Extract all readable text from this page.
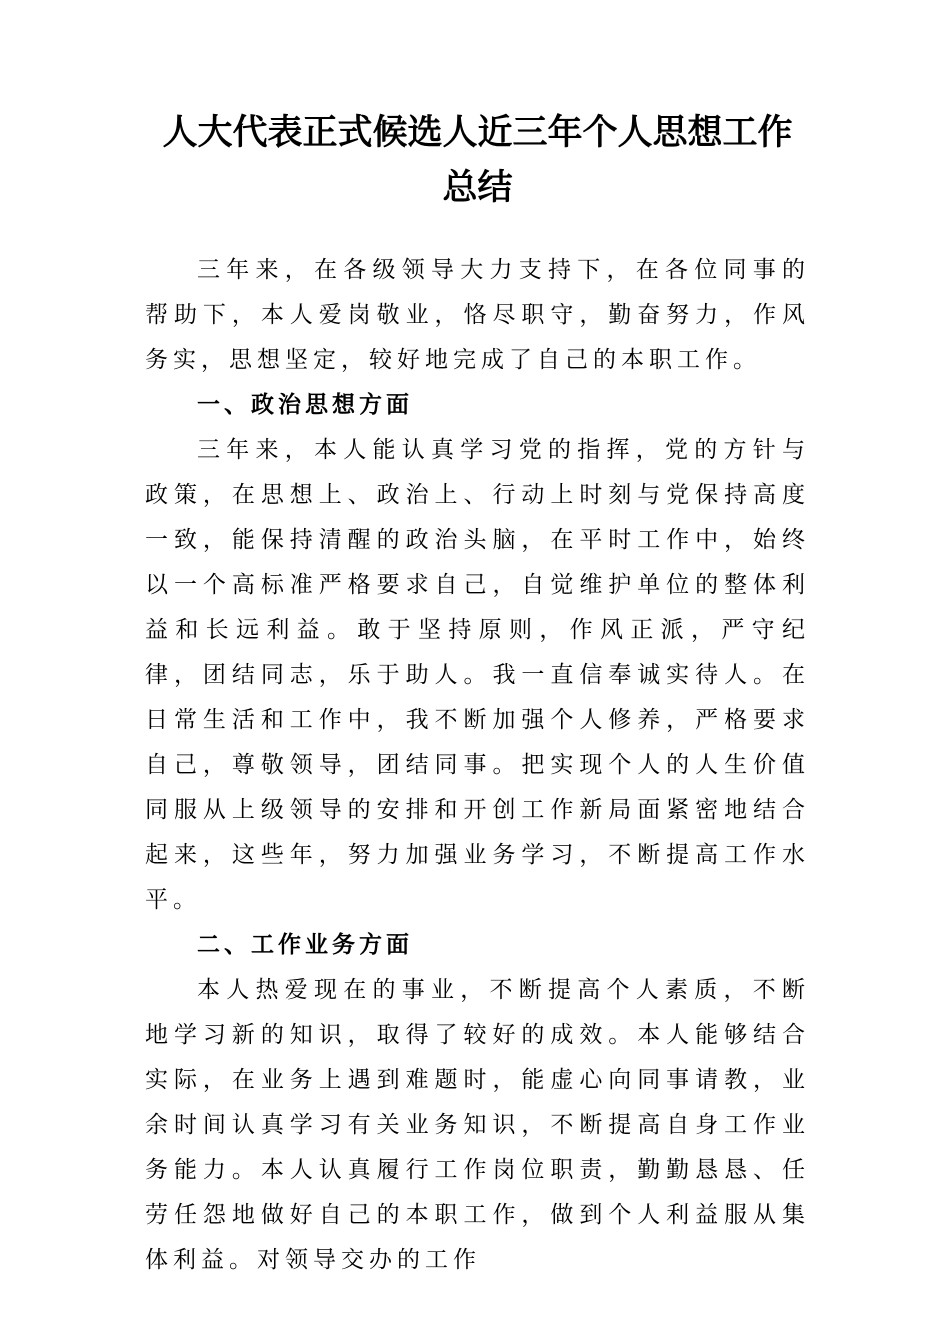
人大代表正式候选人近三年个人思想工作总结

三年来，在各级领导大力支持下，在各位同事的帮助下，本人爱岗敬业，恪尽职守，勤奋努力，作风务实，思想坚定，较好地完成了自己的本职工作。

一、政治思想方面

三年来，本人能认真学习党的指挥，党的方针与政策，在思想上、政治上、行动上时刻与党保持高度一致，能保持清醒的政治头脑，在平时工作中，始终以一个高标准严格要求自己，自觉维护单位的整体利益和长远利益。敢于坚持原则，作风正派，严守纪律，团结同志，乐于助人。我一直信奉诚实待人。在日常生活和工作中，我不断加强个人修养，严格要求自己，尊敬领导，团结同事。把实现个人的人生价值同服从上级领导的安排和开创工作新局面紧密地结合起来，这些年，努力加强业务学习，不断提高工作水平。

二、工作业务方面

本人热爱现在的事业，不断提高个人素质，不断地学习新的知识，取得了较好的成效。本人能够结合实际，在业务上遇到难题时，能虚心向同事请教，业余时间认真学习有关业务知识，不断提高自身工作业务能力。本人认真履行工作岗位职责，勤勤恳恳、任劳任怨地做好自己的本职工作，做到个人利益服从集体利益。对领导交办的工作
